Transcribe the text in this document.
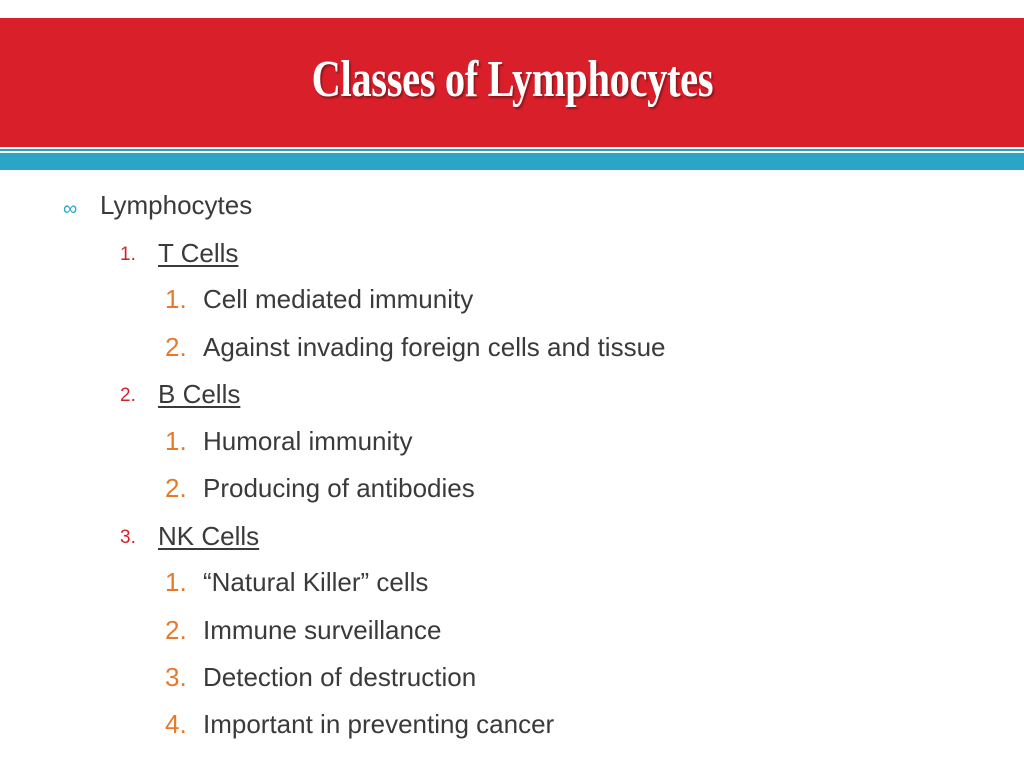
Classes of Lymphocytes
∞ Lymphocytes
1. T Cells
1. Cell mediated immunity
2. Against invading foreign cells and tissue
2. B Cells
1. Humoral immunity
2. Producing of antibodies
3. NK Cells
1. “Natural Killer” cells
2. Immune surveillance
3. Detection of destruction
4. Important in preventing cancer
